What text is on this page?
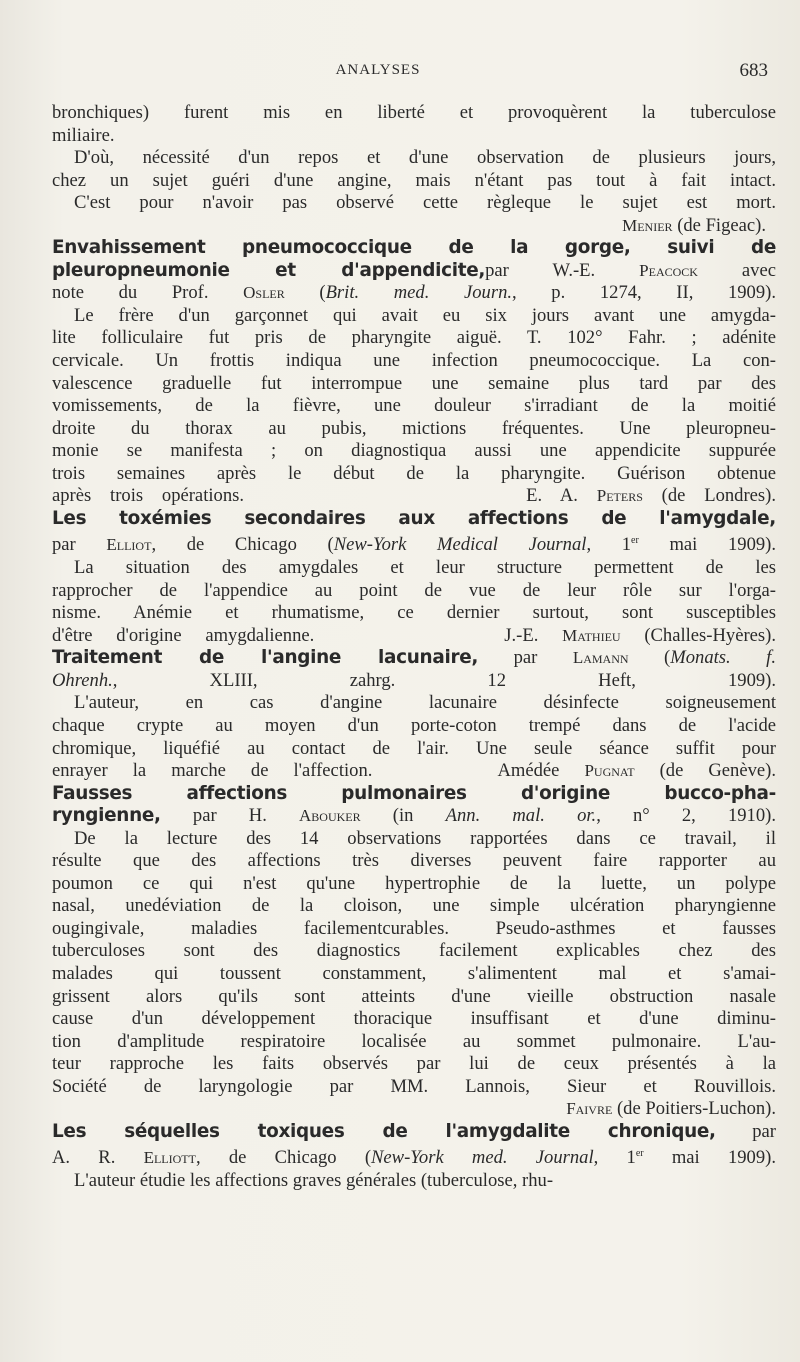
ANALYSES	683

bronchiques) furent mis en liberté et provoquèrent la tuberculose

miliaire.

D'où, nécessité d'un repos et d'une observation de plusieurs jours,

chez un sujet guéri d'une angine, mais n'étant pas tout à fait intact.

C'est pour n'avoir pas observé cette règleque le sujet est mort.

Menier (de Figeac).

Envahissement pneumococcique de la gorge, suivi de

pleuropneumonie et d'appendicite,par W.-E. Peacock avec

note du Prof. Osler (Brit. med. Journ., p. 1274, II, 1909).

Le frère d'un garçonnet qui avait eu six jours avant une amygda-

lite folliculaire fut pris de pharyngite aiguë. T. 102° Fahr. ; adénite

cervicale. Un frottis indiqua une infection pneumococcique. La con-

valescence graduelle fut interrompue une semaine plus tard par des

vomissements, de la fièvre, une douleur s'irradiant de la moitié

droite du thorax au pubis, mictions fréquentes. Une pleuropneu-

monie se manifesta ; on diagnostiqua aussi une appendicite suppurée

trois semaines après le début de la pharyngite. Guérison obtenue

après trois opérations.               E. A. Peters (de Londres).

Les toxémies secondaires aux affections de l'amygdale,

par Elliot, de Chicago (New-York Medical Journal, 1er mai 1909).

La situation des amygdales et leur structure permettent de les

rapprocher de l'appendice au point de vue de leur rôle sur l'orga-

nisme. Anémie et rhumatisme, ce dernier surtout, sont susceptibles

d'être d'origine amygdalienne.        J.-E. Mathieu (Challes-Hyères).

Traitement de l'angine lacunaire, par Lamann (Monats. f.

Ohrenh., XLIII, zahrg. 12 Heft, 1909).

L'auteur, en cas d'angine lacunaire désinfecte soigneusement

chaque crypte au moyen d'un porte-coton trempé dans de l'acide

chromique, liquéfié au contact de l'air. Une seule séance suffit pour

enrayer la marche de l'affection.     Amédée Pugnat (de Genève).

Fausses affections pulmonaires d'origine bucco-pha-

ryngienne, par H. Abouker (in Ann. mal. or., n° 2, 1910).

De la lecture des 14 observations rapportées dans ce travail, il

résulte que des affections très diverses peuvent faire rapporter au

poumon ce qui n'est qu'une hypertrophie de la luette, un polype

nasal, unedéviation de la cloison, une simple ulcération pharyngienne

ougingivale, maladies facilementcurables. Pseudo-asthmes et fausses

tuberculoses sont des diagnostics facilement explicables chez des

malades qui toussent constamment, s'alimentent mal et s'amai-

grissent alors qu'ils sont atteints d'une vieille obstruction nasale

cause d'un développement thoracique insuffisant et d'une diminu-

tion d'amplitude respiratoire localisée au sommet pulmonaire. L'au-

teur rapproche les faits observés par lui de ceux présentés à la

Société de laryngologie par MM. Lannois, Sieur et Rouvillois.

Faivre (de Poitiers-Luchon).

Les séquelles toxiques de l'amygdalite chronique, par

A. R. Elliott, de Chicago (New-York med. Journal, 1er mai 1909).

L'auteur étudie les affections graves générales (tuberculose, rhu-
